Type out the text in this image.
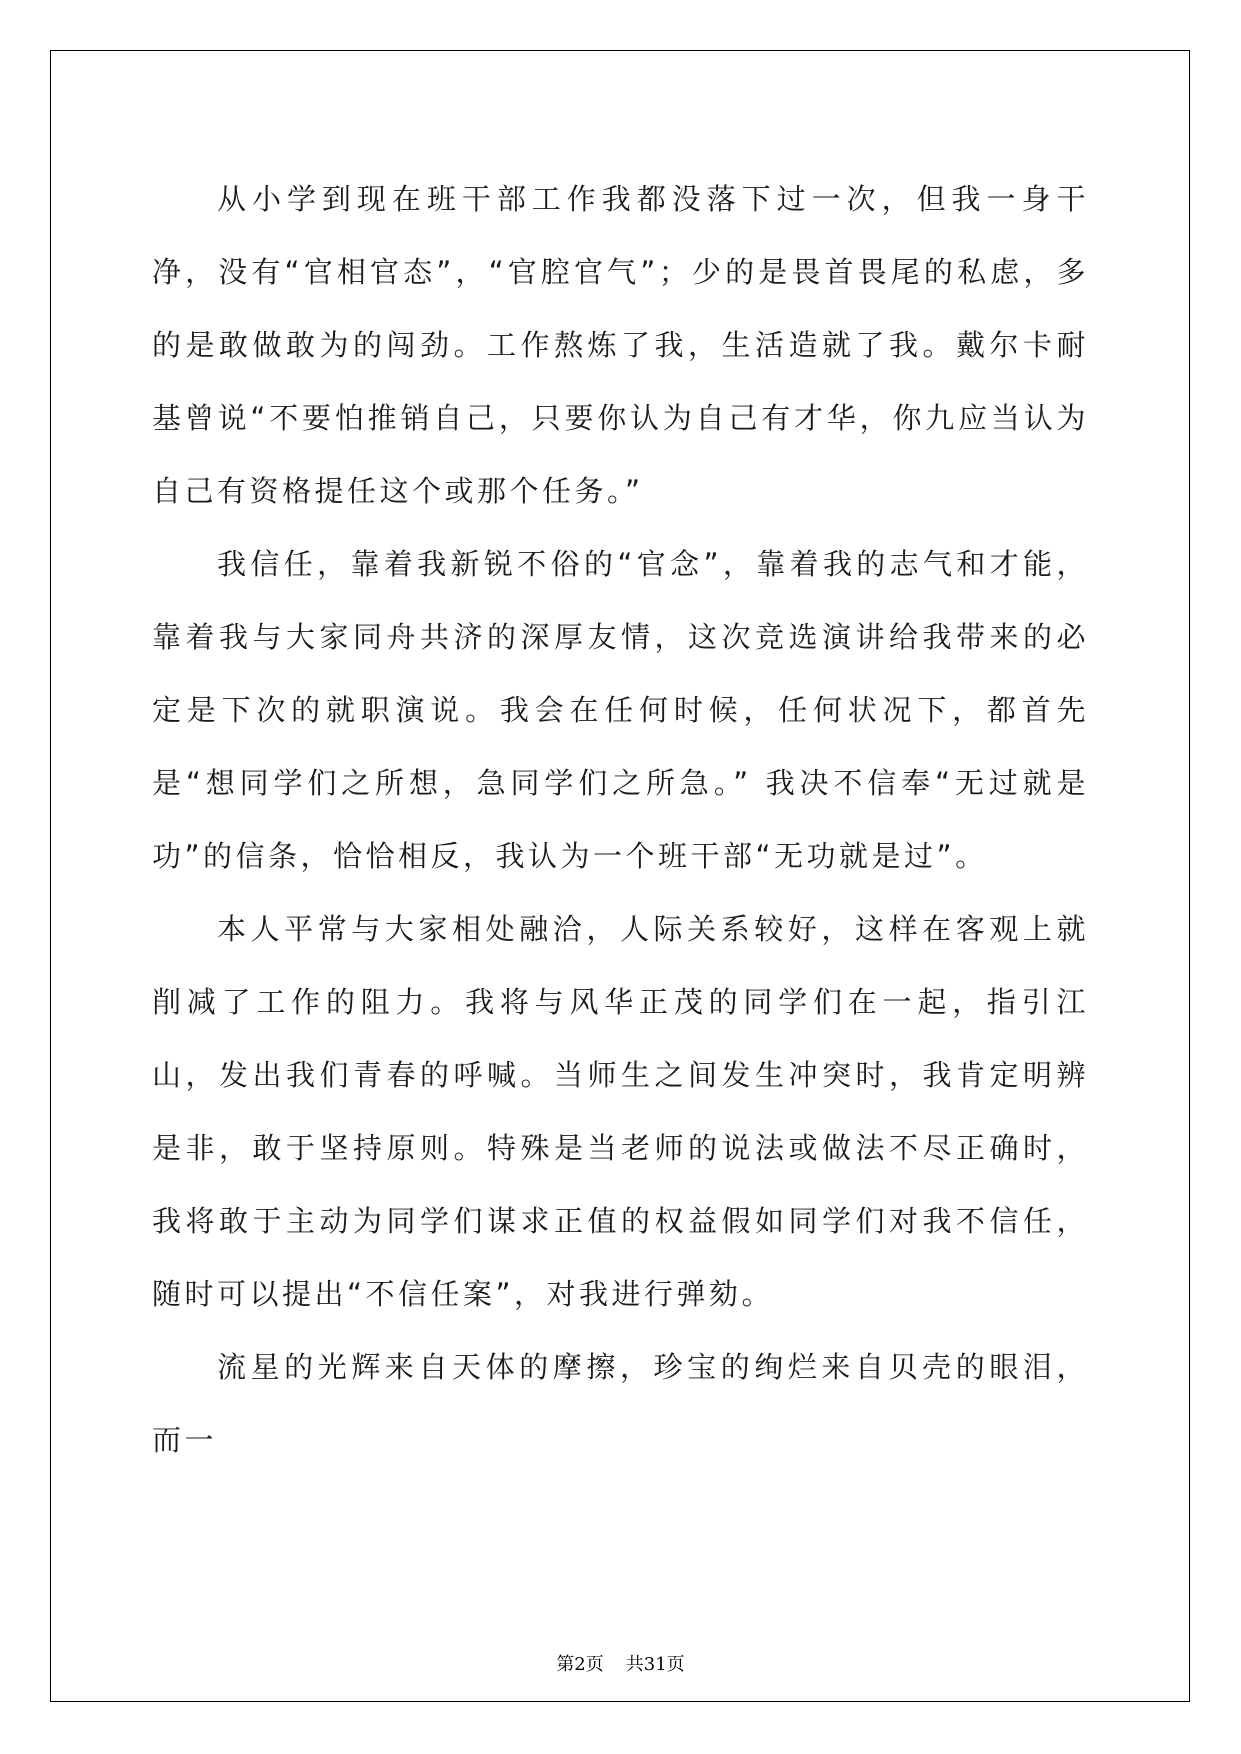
从小学到现在班干部工作我都没落下过一次，但我一身干净，没有“官相官态”，“官腔官气”；少的是畏首畏尾的私虑，多的是敢做敢为的闯劲。工作熬炼了我，生活造就了我。戴尔卡耐基曾说“不要怕推销自己，只要你认为自己有才华，你九应当认为自己有资格提任这个或那个任务。”

我信任，靠着我新锐不俗的“官念”，靠着我的志气和才能，靠着我与大家同舟共济的深厚友情，这次竞选演讲给我带来的必定是下次的就职演说。我会在任何时候，任何状况下，都首先是“想同学们之所想，急同学们之所急。” 我决不信奉“无过就是功”的信条，恰恰相反，我认为一个班干部“无功就是过”。

本人平常与大家相处融洽，人际关系较好，这样在客观上就削减了工作的阻力。我将与风华正茂的同学们在一起，指引江山，发出我们青春的呼喊。当师生之间发生冲突时，我肯定明辨是非，敢于坚持原则。特殊是当老师的说法或做法不尽正确时，我将敢于主动为同学们谋求正值的权益假如同学们对我不信任，随时可以提出“不信任案”，对我进行弹劾。

流星的光辉来自天体的摩擦，珍宝的绚烂来自贝壳的眼泪，而一

第2页 共31页
